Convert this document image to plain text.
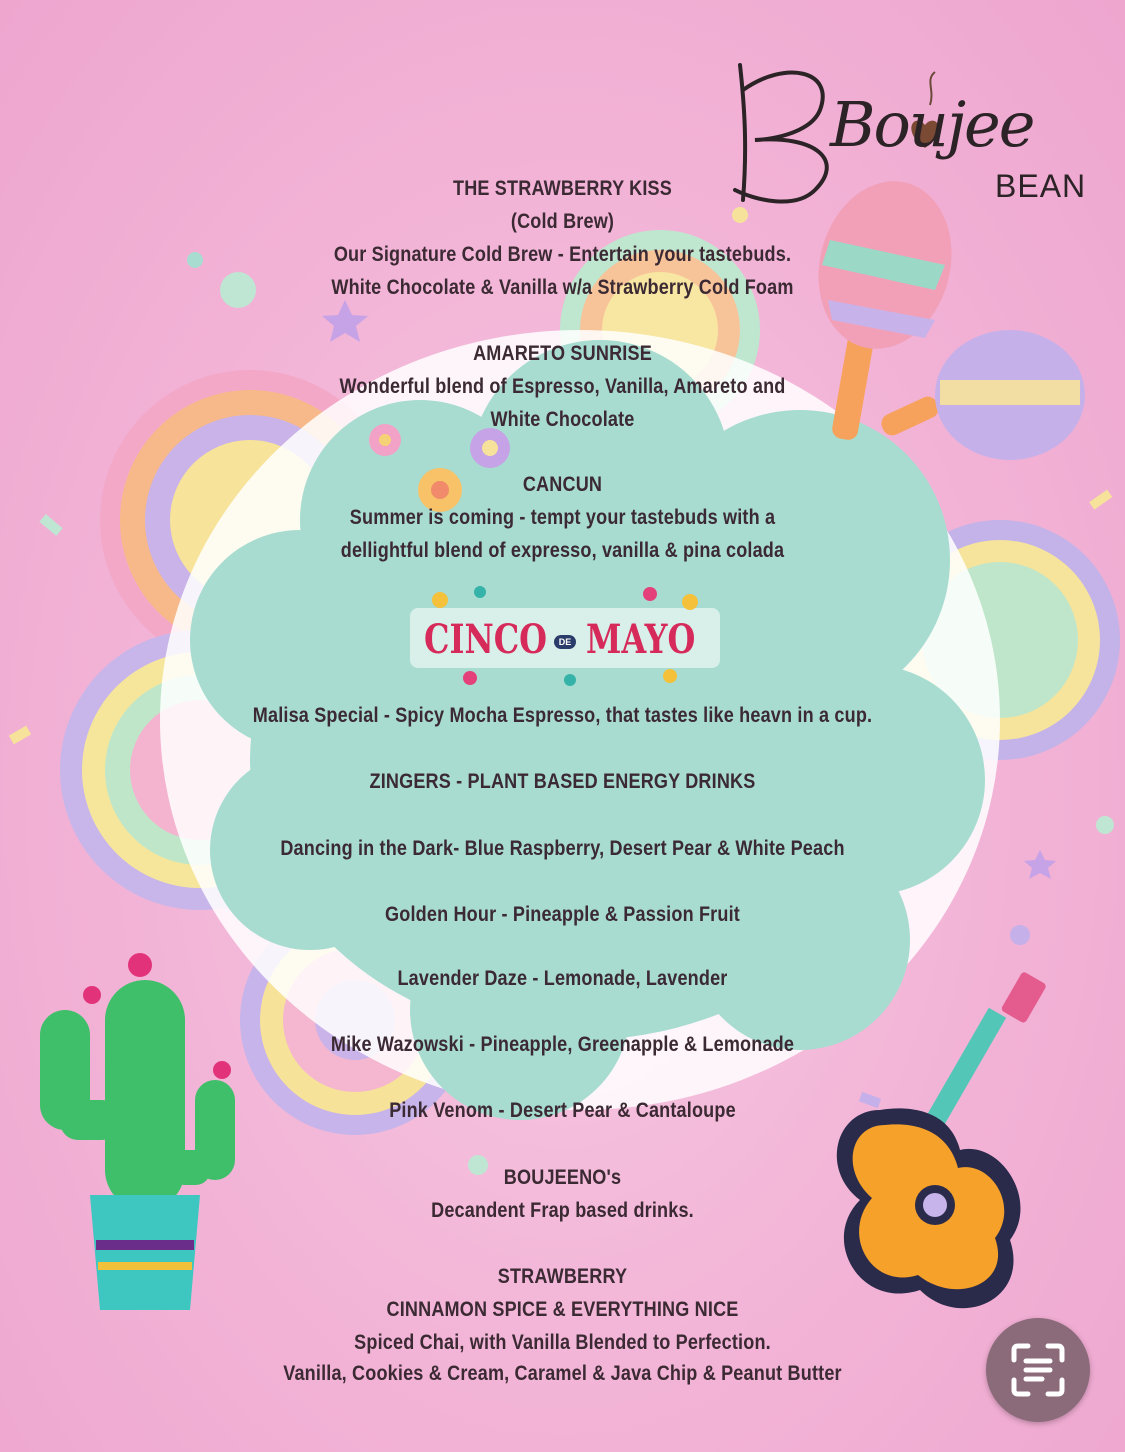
Boujee
BEAN
CINCO	DE MAYO
THE STRAWBERRY KISS
(Cold Brew)
Our Signature Cold Brew - Entertain your tastebuds.
White Chocolate & Vanilla w/a Strawberry Cold Foam
AMARETO SUNRISE
Wonderful blend of Espresso, Vanilla, Amareto and
White Chocolate
CANCUN
Summer is coming - tempt your tastebuds with a
dellightful blend of expresso, vanilla & pina colada
Malisa Special - Spicy Mocha Espresso, that tastes like heavn in a cup.
ZINGERS - PLANT BASED ENERGY DRINKS
Dancing in the Dark- Blue Raspberry, Desert Pear & White Peach
Golden Hour - Pineapple & Passion Fruit
Lavender Daze - Lemonade, Lavender
Mike Wazowski - Pineapple, Greenapple & Lemonade
Pink Venom - Desert Pear & Cantaloupe
BOUJEENO's
Decandent Frap based drinks.
STRAWBERRY
CINNAMON SPICE & EVERYTHING NICE
Spiced Chai, with Vanilla Blended to Perfection.
Vanilla, Cookies & Cream, Caramel & Java Chip & Peanut Butter
